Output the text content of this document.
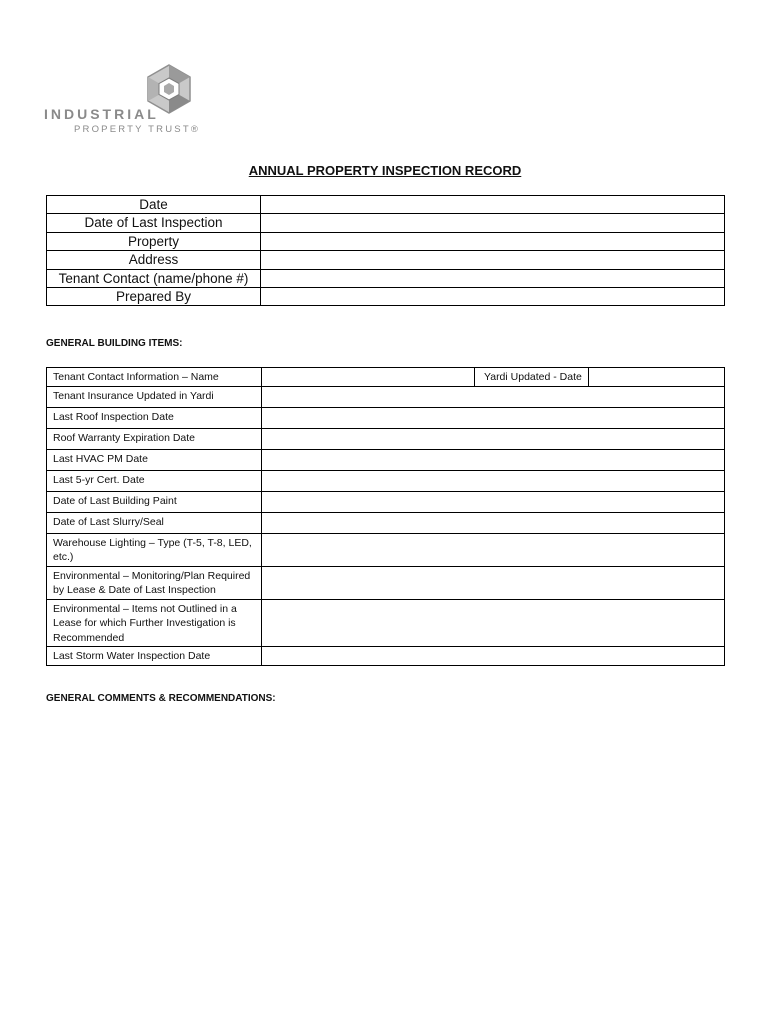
INDUSTRIAL
PROPERTY TRUST®
ANNUAL PROPERTY INSPECTION RECORD
Date	
Date of Last Inspection	
Property	
Address	
Tenant Contact (name/phone #)	
Prepared By	
GENERAL BUILDING ITEMS:
Tenant Contact Information – Name		Yardi Updated - Date	
Tenant Insurance Updated in Yardi			
Last Roof Inspection Date			
Roof Warranty Expiration Date			
Last HVAC PM Date			
Last 5-yr Cert. Date			
Date of Last Building Paint			
Date of Last Slurry/Seal			
Warehouse Lighting – Type (T-5, T-8, LED, etc.)			
Environmental – Monitoring/Plan Required by Lease & Date of Last Inspection			
Environmental – Items not Outlined in a Lease for which Further Investigation is Recommended			
Last Storm Water Inspection Date			
GENERAL COMMENTS & RECOMMENDATIONS:
